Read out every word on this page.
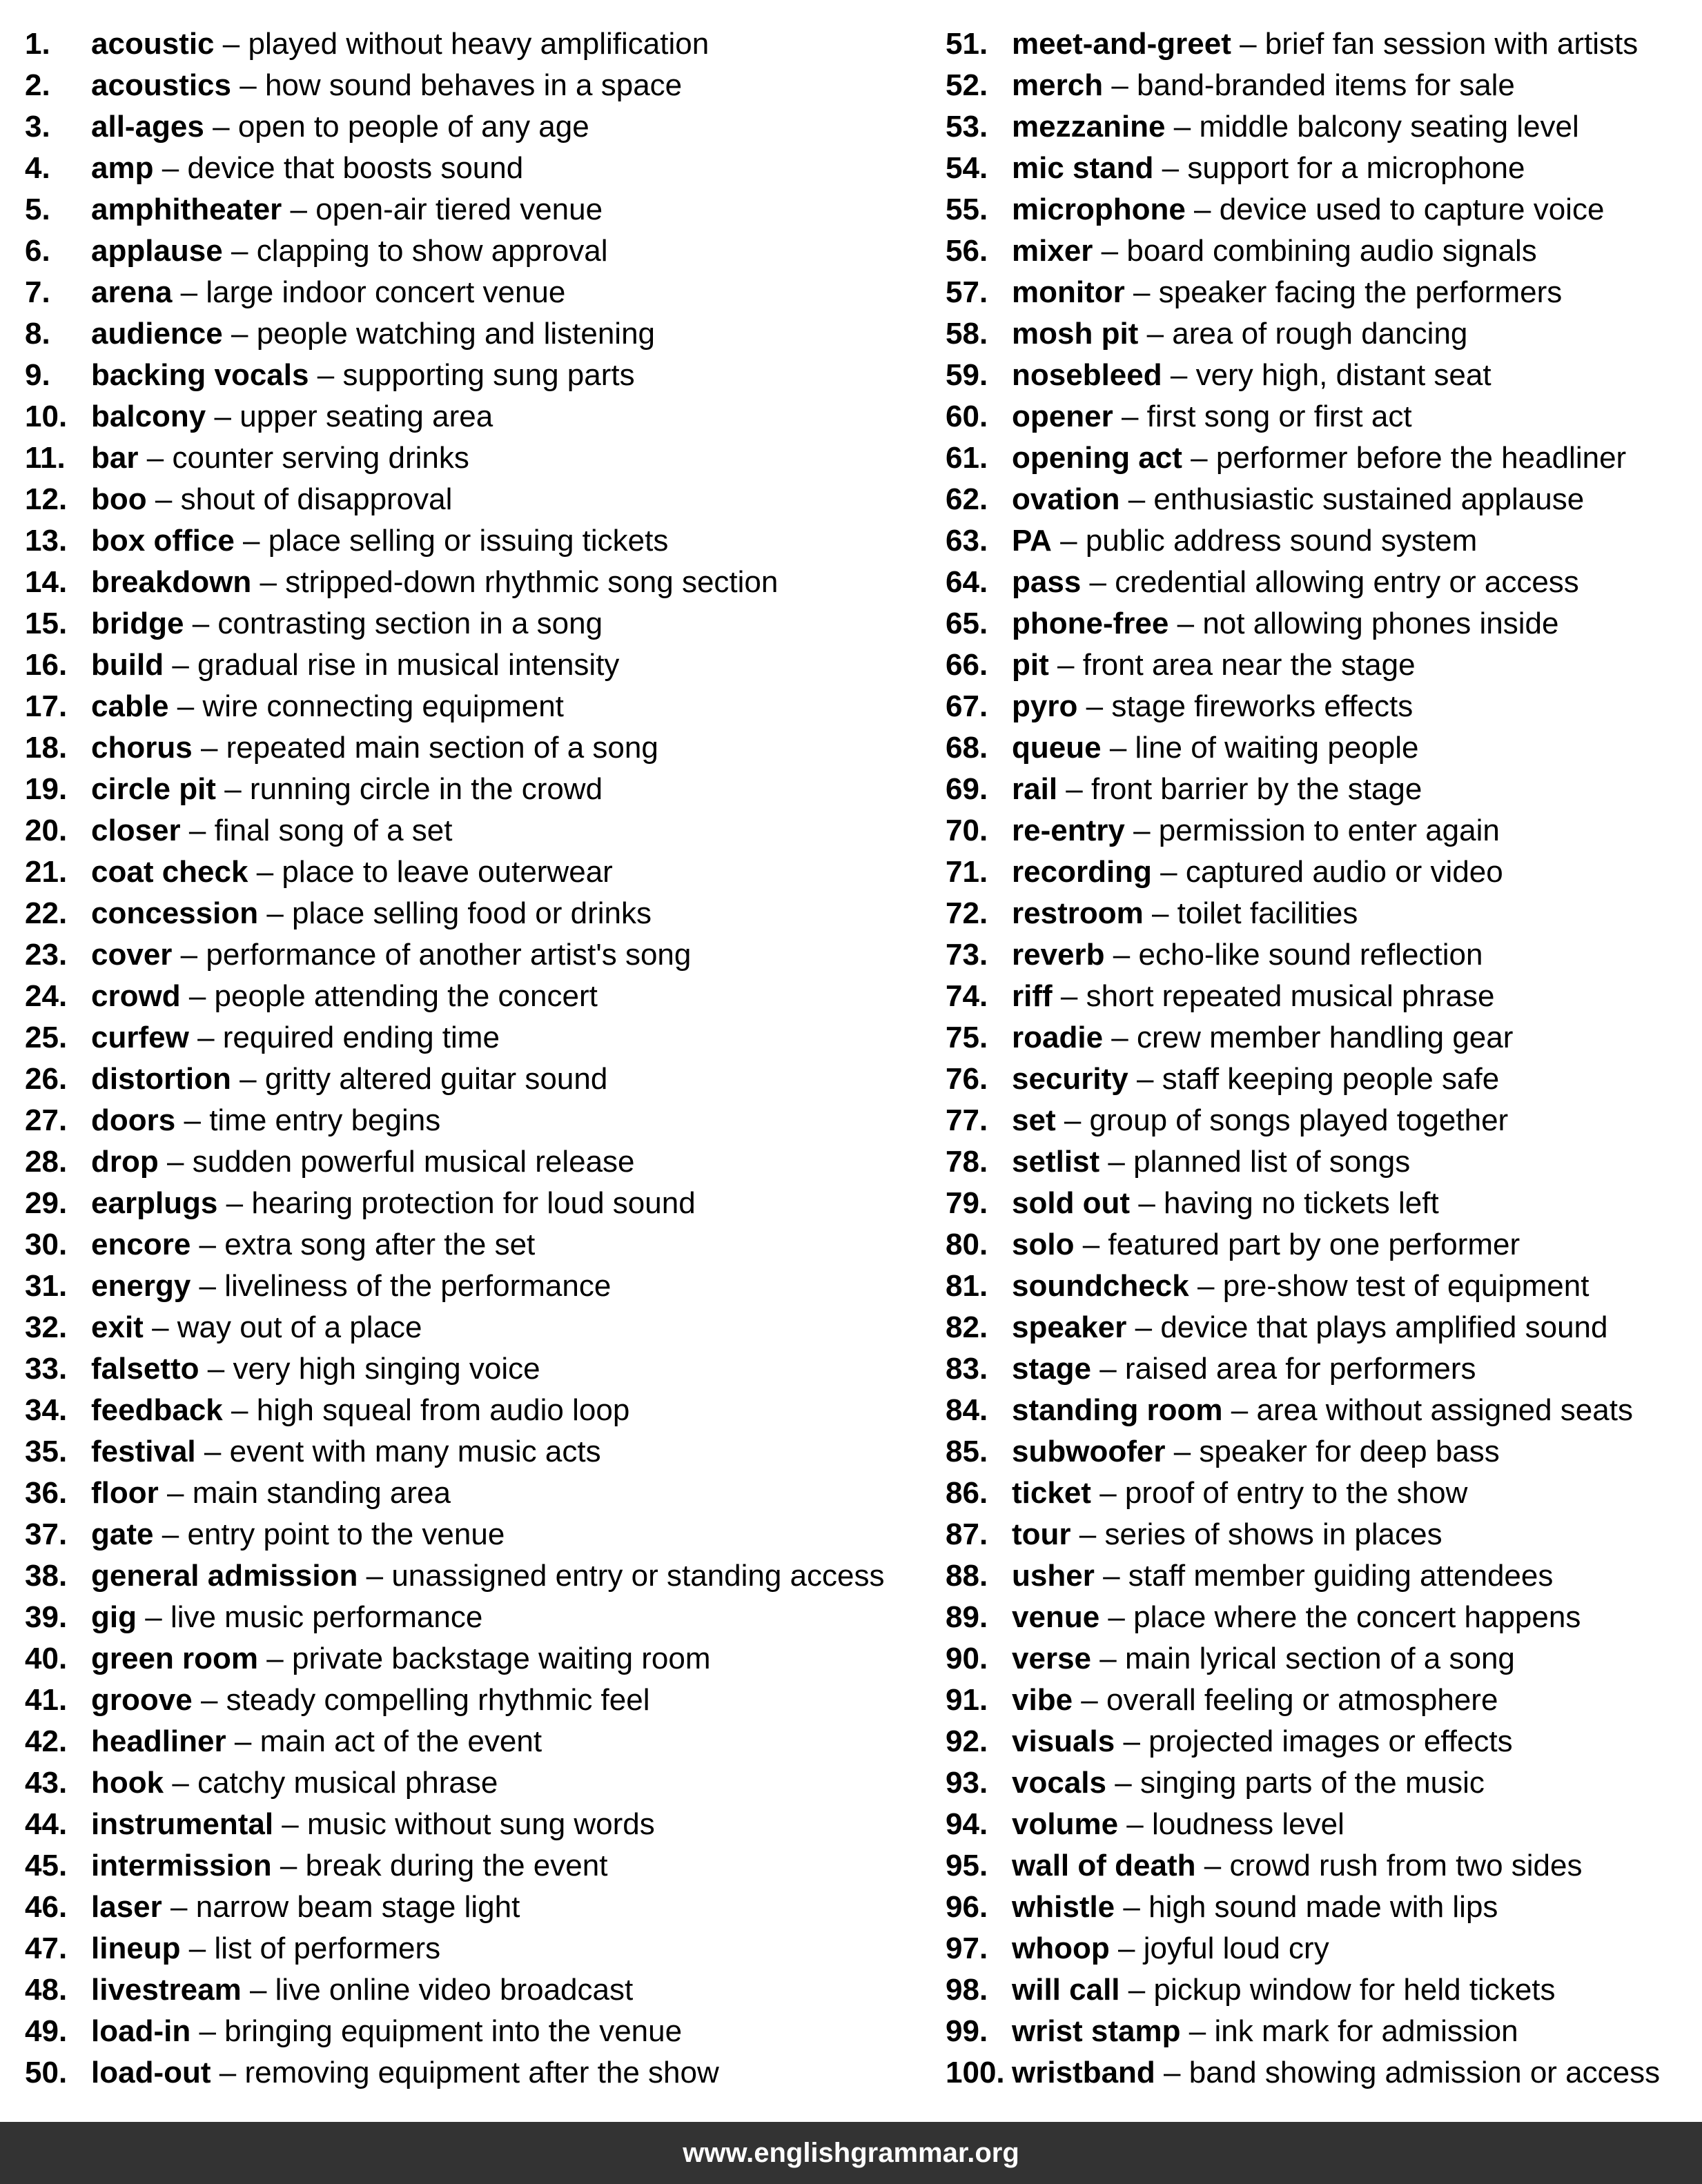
1. acoustic – played without heavy amplification
2. acoustics – how sound behaves in a space
3. all-ages – open to people of any age
4. amp – device that boosts sound
5. amphitheater – open-air tiered venue
6. applause – clapping to show approval
7. arena – large indoor concert venue
8. audience – people watching and listening
9. backing vocals – supporting sung parts
10. balcony – upper seating area
11. bar – counter serving drinks
12. boo – shout of disapproval
13. box office – place selling or issuing tickets
14. breakdown – stripped-down rhythmic song section
15. bridge – contrasting section in a song
16. build – gradual rise in musical intensity
17. cable – wire connecting equipment
18. chorus – repeated main section of a song
19. circle pit – running circle in the crowd
20. closer – final song of a set
21. coat check – place to leave outerwear
22. concession – place selling food or drinks
23. cover – performance of another artist's song
24. crowd – people attending the concert
25. curfew – required ending time
26. distortion – gritty altered guitar sound
27. doors – time entry begins
28. drop – sudden powerful musical release
29. earplugs – hearing protection for loud sound
30. encore – extra song after the set
31. energy – liveliness of the performance
32. exit – way out of a place
33. falsetto – very high singing voice
34. feedback – high squeal from audio loop
35. festival – event with many music acts
36. floor – main standing area
37. gate – entry point to the venue
38. general admission – unassigned entry or standing access
39. gig – live music performance
40. green room – private backstage waiting room
41. groove – steady compelling rhythmic feel
42. headliner – main act of the event
43. hook – catchy musical phrase
44. instrumental – music without sung words
45. intermission – break during the event
46. laser – narrow beam stage light
47. lineup – list of performers
48. livestream – live online video broadcast
49. load-in – bringing equipment into the venue
50. load-out – removing equipment after the show
51. meet-and-greet – brief fan session with artists
52. merch – band-branded items for sale
53. mezzanine – middle balcony seating level
54. mic stand – support for a microphone
55. microphone – device used to capture voice
56. mixer – board combining audio signals
57. monitor – speaker facing the performers
58. mosh pit – area of rough dancing
59. nosebleed – very high, distant seat
60. opener – first song or first act
61. opening act – performer before the headliner
62. ovation – enthusiastic sustained applause
63. PA – public address sound system
64. pass – credential allowing entry or access
65. phone-free – not allowing phones inside
66. pit – front area near the stage
67. pyro – stage fireworks effects
68. queue – line of waiting people
69. rail – front barrier by the stage
70. re-entry – permission to enter again
71. recording – captured audio or video
72. restroom – toilet facilities
73. reverb – echo-like sound reflection
74. riff – short repeated musical phrase
75. roadie – crew member handling gear
76. security – staff keeping people safe
77. set – group of songs played together
78. setlist – planned list of songs
79. sold out – having no tickets left
80. solo – featured part by one performer
81. soundcheck – pre-show test of equipment
82. speaker – device that plays amplified sound
83. stage – raised area for performers
84. standing room – area without assigned seats
85. subwoofer – speaker for deep bass
86. ticket – proof of entry to the show
87. tour – series of shows in places
88. usher – staff member guiding attendees
89. venue – place where the concert happens
90. verse – main lyrical section of a song
91. vibe – overall feeling or atmosphere
92. visuals – projected images or effects
93. vocals – singing parts of the music
94. volume – loudness level
95. wall of death – crowd rush from two sides
96. whistle – high sound made with lips
97. whoop – joyful loud cry
98. will call – pickup window for held tickets
99. wrist stamp – ink mark for admission
100. wristband – band showing admission or access
www.englishgrammar.org
